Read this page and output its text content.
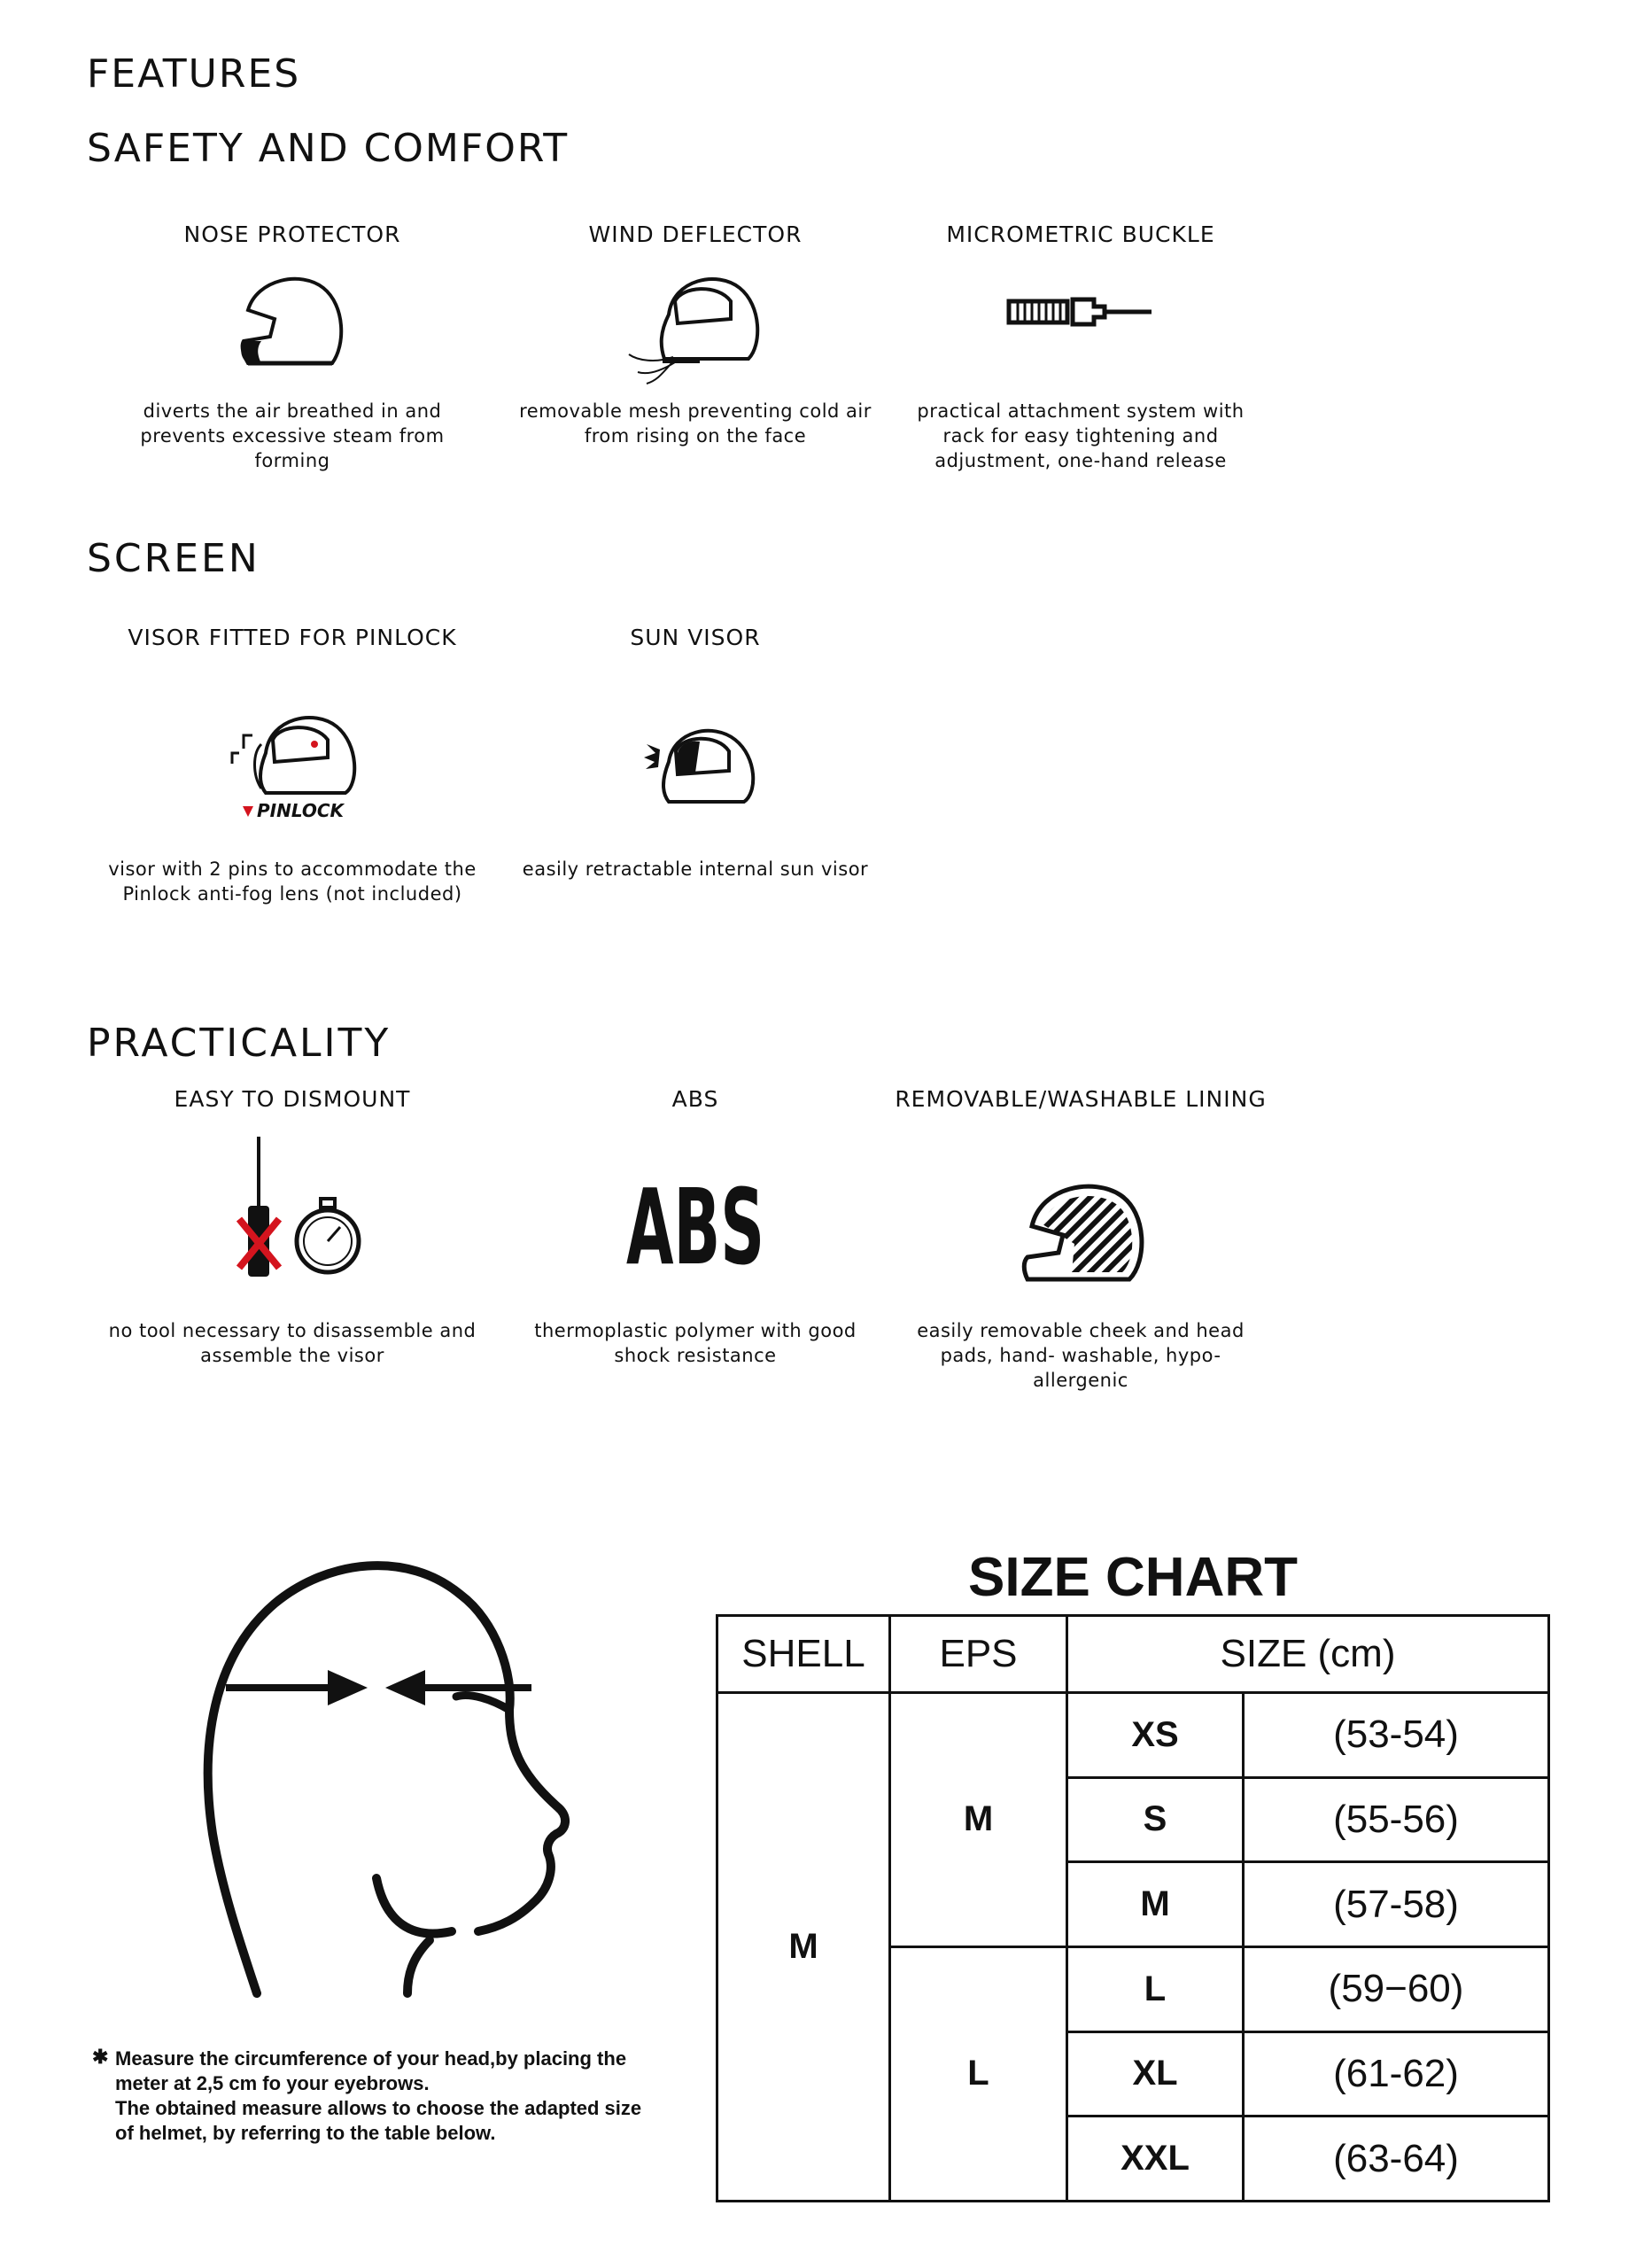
FEATURES
SAFETY AND COMFORT
SCREEN
PRACTICALITY
NOSE PROTECTOR
diverts the air breathed in and prevents excessive steam from forming
WIND DEFLECTOR
removable mesh preventing cold air from rising on the face
MICROMETRIC BUCKLE
practical attachment system with rack for easy tightening and adjustment, one-hand release
VISOR FITTED FOR PINLOCK
PINLOCK
visor with 2 pins to accommodate the Pinlock anti-fog lens (not included)
SUN VISOR
easily retractable internal sun visor
EASY TO DISMOUNT
no tool necessary to disassemble and assemble the visor
ABS
ABS
thermoplastic polymer with good shock resistance
REMOVABLE/WASHABLE LINING
easily removable cheek and head pads, hand- washable, hypo-allergenic
✱ Measure the circumference of your head,by placing the
meter at 2,5 cm fo your eyebrows.
The obtained measure allows to choose the adapted size
of helmet, by referring to the table below.
SIZE CHART
SHELL	EPS	SIZE (cm)	
M	M	XS	(53-54)
		S	(55-56)
		M	(57-58)
	L	L	(59−60)
		XL	(61-62)
		XXL	(63-64)
